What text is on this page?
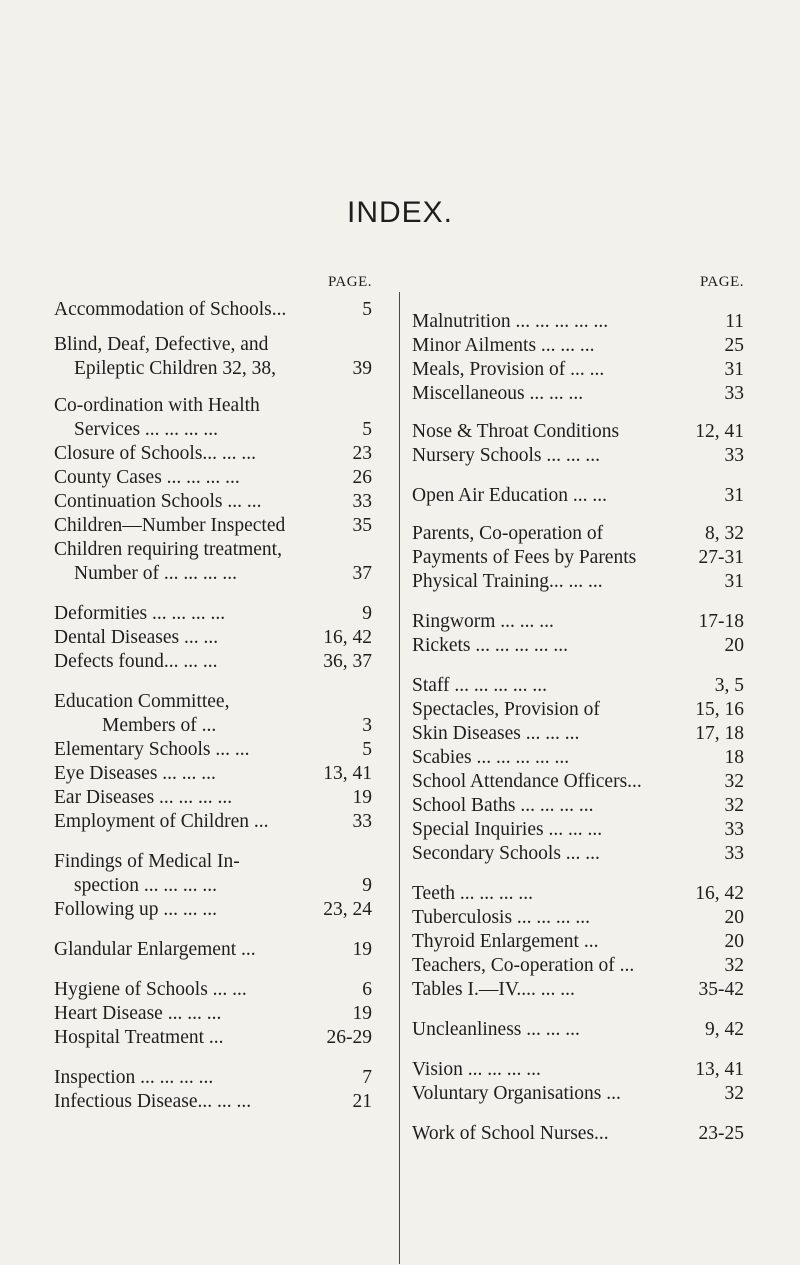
INDEX.
PAGE.
Accommodation of Schools...	5
Blind, Deaf, Defective, and
Epileptic Children 32, 38,	39
Co-ordination with Health
Services ... ... ... ...	5
Closure of Schools... ... ...	23
County Cases ... ... ... ...	26
Continuation Schools ... ...	33
Children—Number Inspected	35
Children requiring treatment,
Number of ... ... ... ...	37
Deformities ... ... ... ...	9
Dental Diseases ... ...	16, 42
Defects found... ... ...	36, 37
Education Committee,
Members of ...	3
Elementary Schools ... ...	5
Eye Diseases ... ... ...	13, 41
Ear Diseases ... ... ... ...	19
Employment of Children ...	33
Findings of Medical In-
spection ... ... ... ...	9
Following up ... ... ...	23, 24
Glandular Enlargement ...	19
Hygiene of Schools ... ...	6
Heart Disease ... ... ...	19
Hospital Treatment ...	26-29
Inspection ... ... ... ...	7
Infectious Disease... ... ...	21
PAGE.
Malnutrition ... ... ... ... ...	11
Minor Ailments ... ... ...	25
Meals, Provision of ... ...	31
Miscellaneous ... ... ...	33
Nose & Throat Conditions	12, 41
Nursery Schools ... ... ...	33
Open Air Education ... ...	31
Parents, Co-operation of	8, 32
Payments of Fees by Parents	27-31
Physical Training... ... ...	31
Ringworm ... ... ...	17-18
Rickets ... ... ... ... ...	20
Staff ... ... ... ... ...	3, 5
Spectacles, Provision of	15, 16
Skin Diseases ... ... ...	17, 18
Scabies ... ... ... ... ...	18
School Attendance Officers...	32
School Baths ... ... ... ...	32
Special Inquiries ... ... ...	33
Secondary Schools ... ...	33
Teeth ... ... ... ...	16, 42
Tuberculosis ... ... ... ...	20
Thyroid Enlargement ...	20
Teachers, Co-operation of ...	32
Tables I.—IV.... ... ...	35-42
Uncleanliness ... ... ...	9, 42
Vision ... ... ... ...	13, 41
Voluntary Organisations ...	32
Work of School Nurses...	23-25
